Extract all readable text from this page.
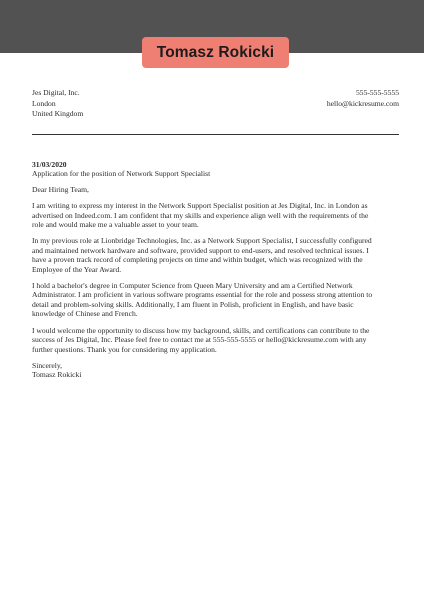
Tomasz Rokicki
Jes Digital, Inc.
London
United Kingdom
555-555-5555
hello@kickresume.com
31/03/2020
Application for the position of Network Support Specialist

Dear Hiring Team,

I am writing to express my interest in the Network Support Specialist position at Jes Digital, Inc. in London as
advertised on Indeed.com. I am confident that my skills and experience align well with the requirements of the
role and would make me a valuable asset to your team.

In my previous role at Lionbridge Technologies, Inc. as a Network Support Specialist, I successfully configured
and maintained network hardware and software, provided support to end-users, and resolved technical issues. I
have a proven track record of completing projects on time and within budget, which was recognized with the
Employee of the Year Award.

I hold a bachelor's degree in Computer Science from Queen Mary University and am a Certified Network
Administrator. I am proficient in various software programs essential for the role and possess strong attention to
detail and problem-solving skills. Additionally, I am fluent in Polish, proficient in English, and have basic
knowledge of Chinese and French.

I would welcome the opportunity to discuss how my background, skills, and certifications can contribute to the
success of Jes Digital, Inc. Please feel free to contact me at 555-555-5555 or hello@kickresume.com with any
further questions. Thank you for considering my application.

Sincerely,
Tomasz Rokicki
